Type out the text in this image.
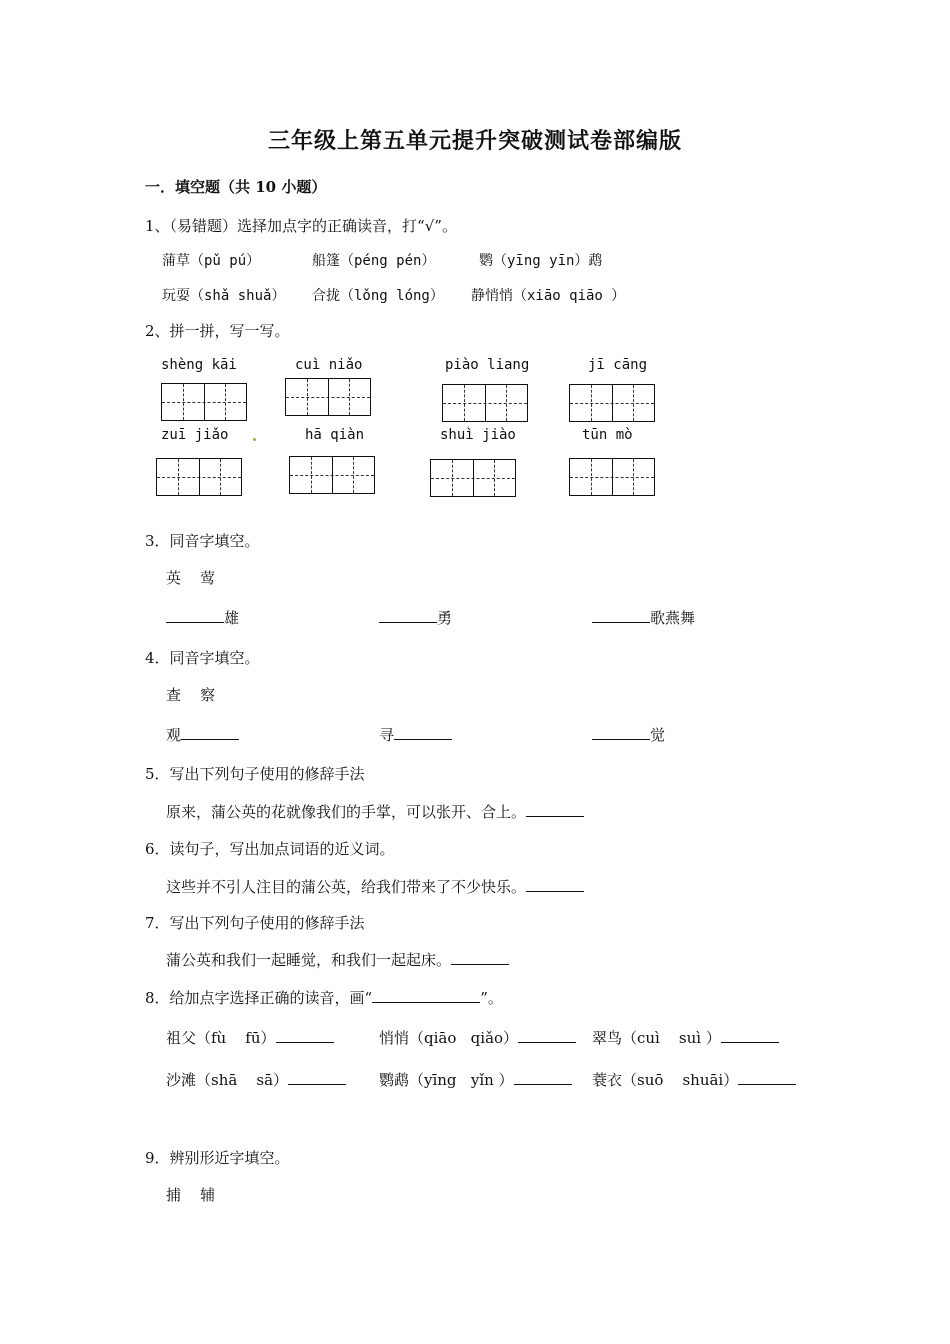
三年级上第五单元提升突破测试卷部编版
一．填空题（共 10 小题）
1、（易错题）选择加点字的正确读音，打“√”。
蒲草（pǔ pú）	船篷（péng pén）	鹦（yīng yīn）鹉
玩耍（shǎ shuǎ） 合拢（lǒng lóng） 静悄悄（xiāo qiāo ）
2、拼一拼，写一写。
shèng kāi	cuì niǎo	piào liang	jī cāng
zuī jiǎo	hā qiàn	shuì jiào	tūn mò
3．同音字填空。
英    莺
雄	勇	歌燕舞
4．同音字填空。
查    察
观	寻	觉
5．写出下列句子使用的修辞手法
原来，蒲公英的花就像我们的手掌，可以张开、合上。
6．读句子，写出加点词语的近义词。
这些并不引人注目的蒲公英，给我们带来了不少快乐。
7．写出下列句子使用的修辞手法
蒲公英和我们一起睡觉，和我们一起起床。
8．给加点字选择正确的读音，画“	”。
祖父（fù    fū）	悄悄（qiāo   qiǎo）	翠鸟（cuì    suì ）
沙滩（shā    sā）	鹦鹉（yīng   yǐn ）	蓑衣（suō    shuāi）
9．辨别形近字填空。
捕    辅
